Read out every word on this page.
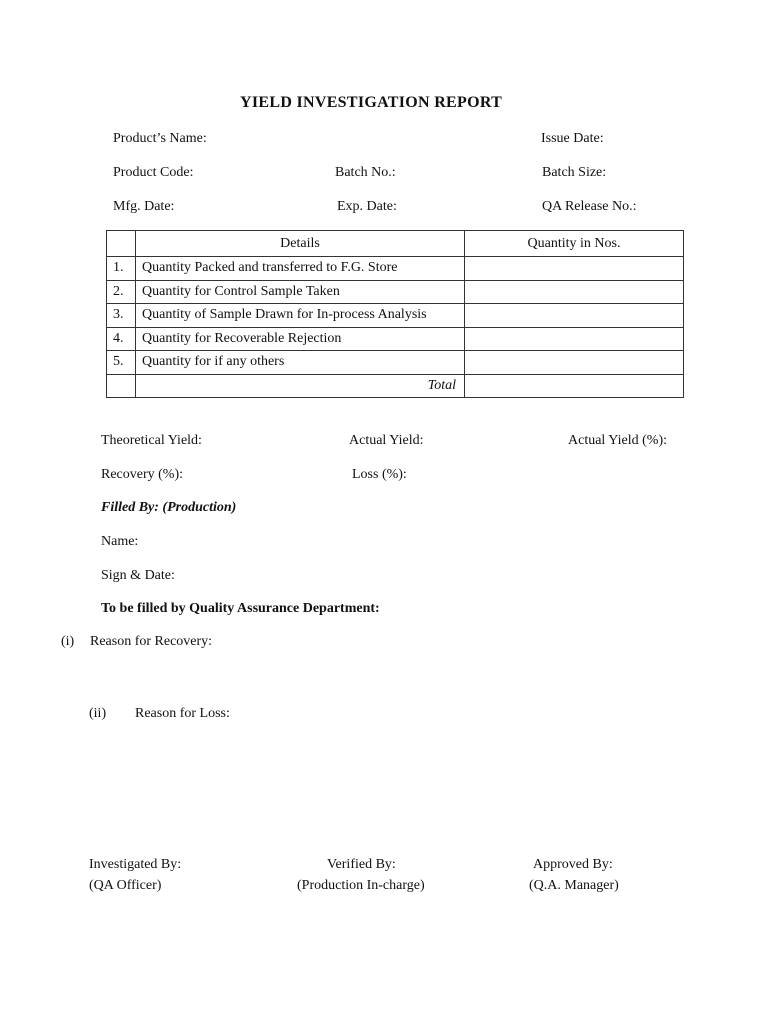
YIELD INVESTIGATION REPORT
Product’s Name:	Issue Date:
Product Code:	Batch No.:	Batch Size:
Mfg. Date:	Exp. Date:	QA Release No.:
	Details	Quantity in Nos.
1.	Quantity Packed and transferred to F.G. Store	
2.	Quantity for Control Sample Taken	
3.	Quantity of Sample Drawn for In-process Analysis	
4.	Quantity for Recoverable Rejection	
5.	Quantity for if any others	
	Total	
Theoretical Yield:	Actual Yield:	Actual Yield (%):
Recovery (%):	Loss (%):
Filled By: (Production)
Name:
Sign & Date:
To be filled by Quality Assurance Department:
(i) Reason for Recovery:
(ii) Reason for Loss:
Investigated By:
(QA Officer)
Verified By:
(Production In-charge)
Approved By:
(Q.A. Manager)
